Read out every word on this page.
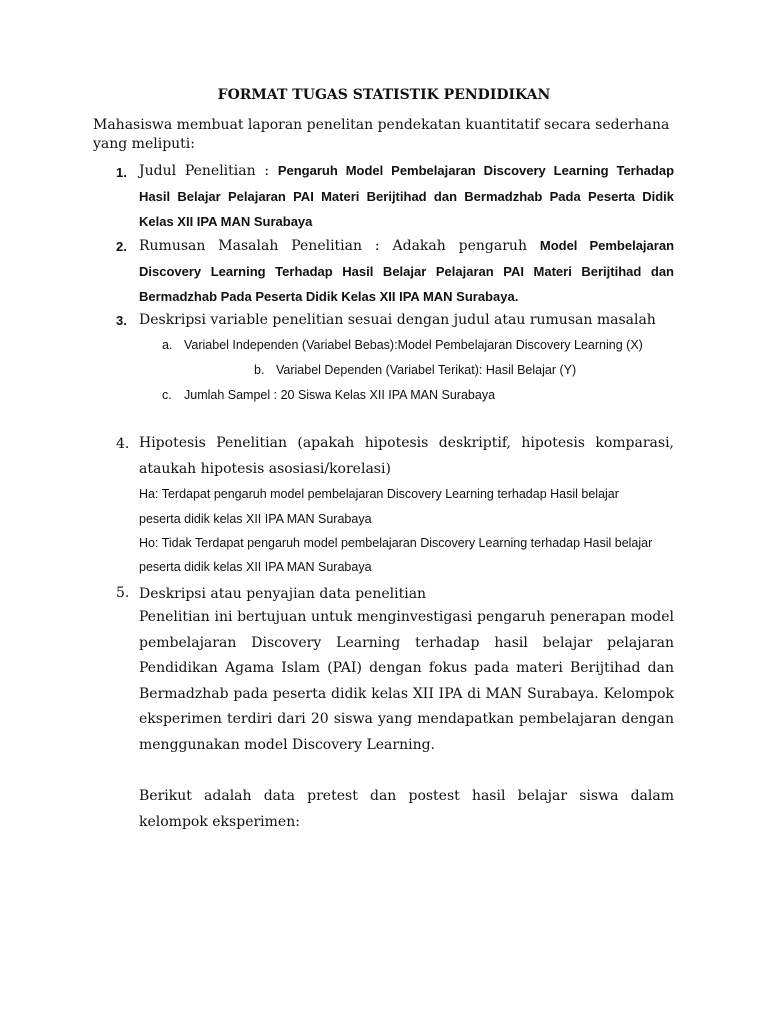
FORMAT TUGAS STATISTIK PENDIDIKAN
Mahasiswa membuat laporan penelitan pendekatan kuantitatif secara sederhana yang meliputi:
1. Judul Penelitian : Pengaruh Model Pembelajaran Discovery Learning Terhadap Hasil Belajar Pelajaran PAI Materi Berijtihad dan Bermadzhab Pada Peserta Didik Kelas XII IPA MAN Surabaya
2. Rumusan Masalah Penelitian : Adakah pengaruh Model Pembelajaran Discovery Learning Terhadap Hasil Belajar Pelajaran PAI Materi Berijtihad dan Bermadzhab Pada Peserta Didik Kelas XII IPA MAN Surabaya.
3. Deskripsi variable penelitian sesuai dengan judul atau rumusan masalah
a. Variabel Independen (Variabel Bebas):Model Pembelajaran Discovery Learning (X)
b. Variabel Dependen (Variabel Terikat): Hasil Belajar (Y)
c. Jumlah Sampel : 20 Siswa Kelas XII IPA MAN Surabaya
4. Hipotesis Penelitian (apakah hipotesis deskriptif, hipotesis komparasi, ataukah hipotesis asosiasi/korelasi)
Ha: Terdapat pengaruh model pembelajaran Discovery Learning terhadap Hasil belajar
peserta didik kelas XII IPA MAN Surabaya
Ho: Tidak Terdapat pengaruh model pembelajaran Discovery Learning terhadap Hasil belajar
peserta didik kelas XII IPA MAN Surabaya
5. Deskripsi atau penyajian data penelitian
Penelitian ini bertujuan untuk menginvestigasi pengaruh penerapan model pembelajaran Discovery Learning terhadap hasil belajar pelajaran Pendidikan Agama Islam (PAI) dengan fokus pada materi Berijtihad dan Bermadzhab pada peserta didik kelas XII IPA di MAN Surabaya. Kelompok eksperimen terdiri dari 20 siswa yang mendapatkan pembelajaran dengan menggunakan model Discovery Learning.
Berikut adalah data pretest dan postest hasil belajar siswa dalam kelompok eksperimen:
